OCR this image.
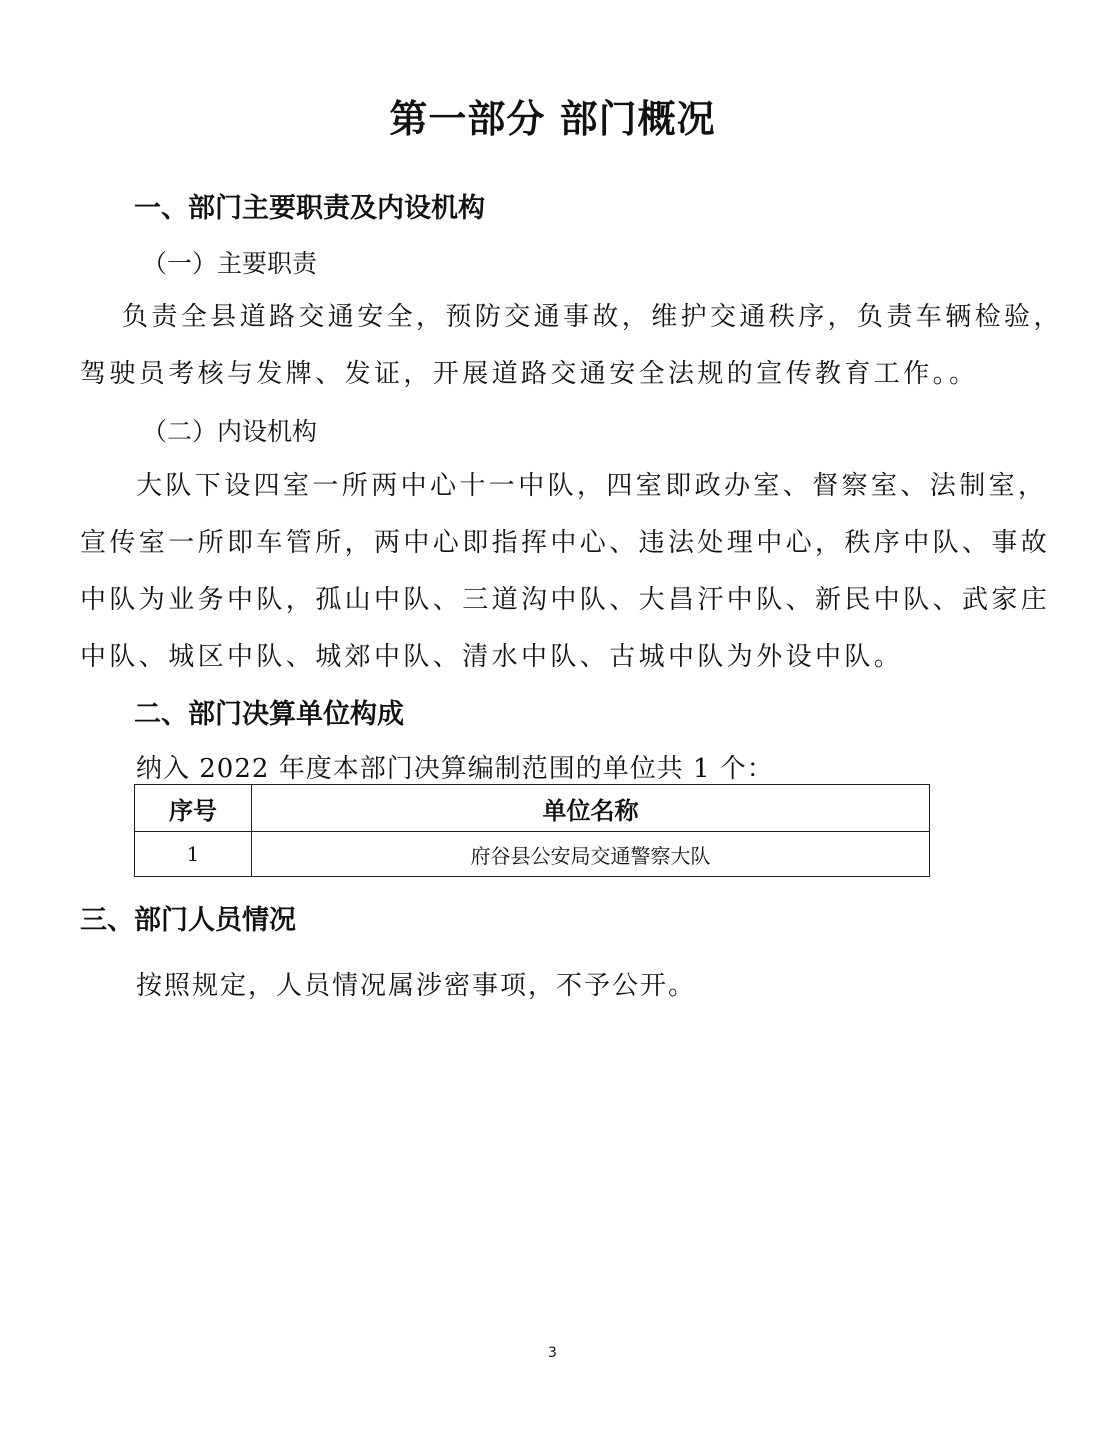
第一部分 部门概况
一、部门主要职责及内设机构
（一）主要职责
负责全县道路交通安全，预防交通事故，维护交通秩序，负责车辆检验，
驾驶员考核与发牌、发证，开展道路交通安全法规的宣传教育工作。。
（二）内设机构
大队下设四室一所两中心十一中队，四室即政办室、督察室、法制室，
宣传室一所即车管所，两中心即指挥中心、违法处理中心，秩序中队、事故
中队为业务中队，孤山中队、三道沟中队、大昌汗中队、新民中队、武家庄
中队、城区中队、城郊中队、清水中队、古城中队为外设中队。
二、部门决算单位构成
纳入 2022 年度本部门决算编制范围的单位共 1 个：
序号	单位名称
1	府谷县公安局交通警察大队
三、部门人员情况
按照规定，人员情况属涉密事项，不予公开。
3
